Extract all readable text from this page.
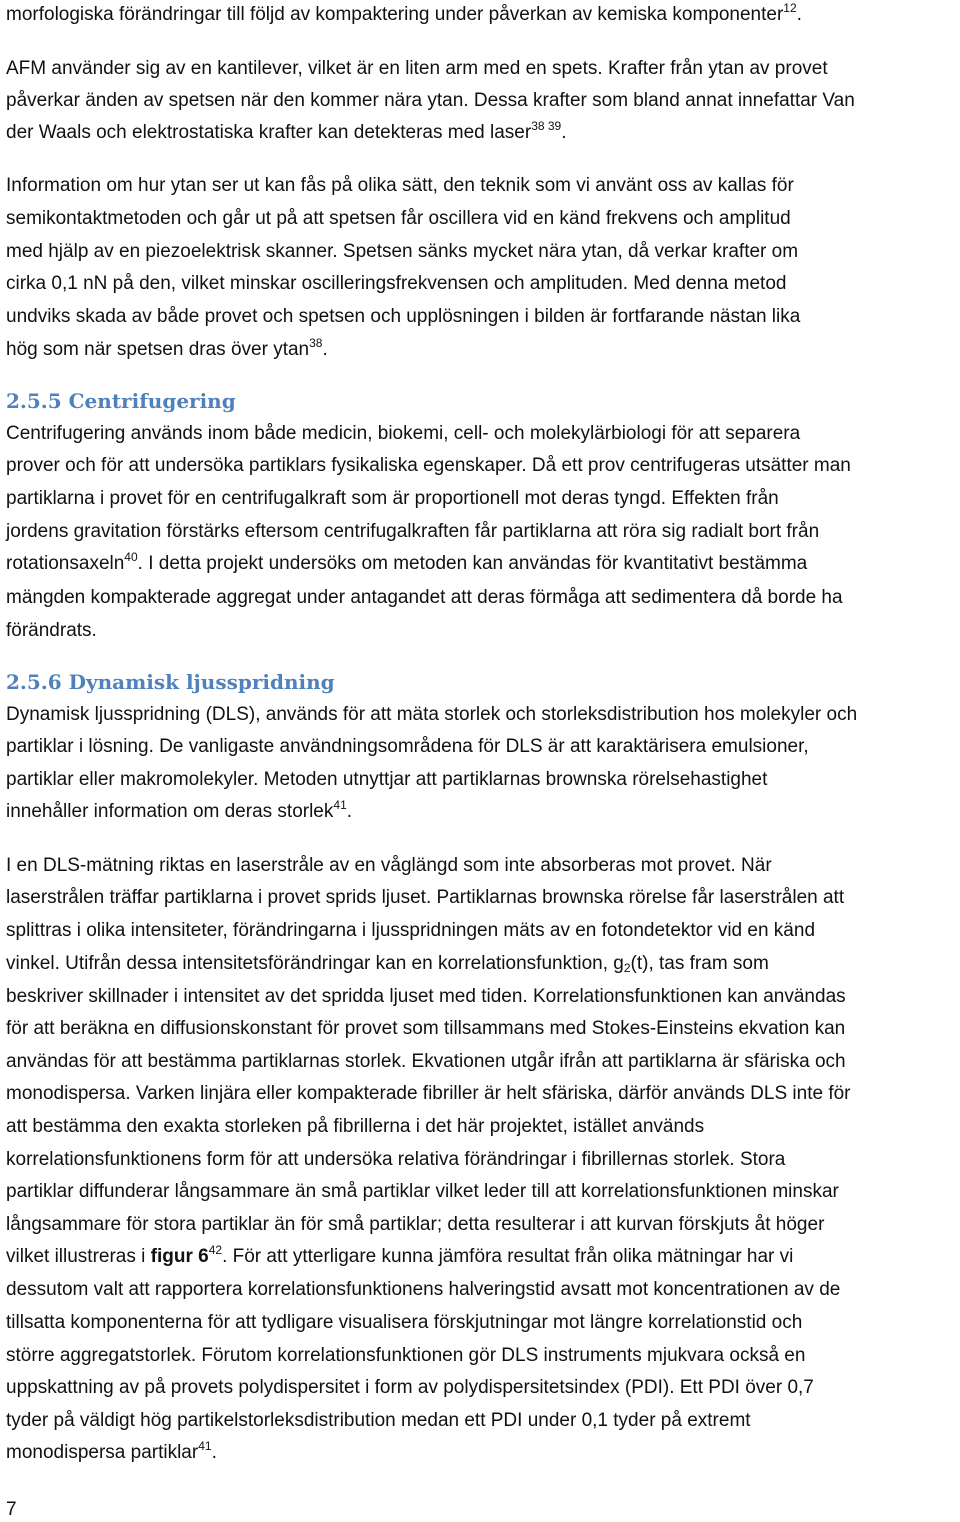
morfologiska förändringar till följd av kompaktering under påverkan av kemiska komponenter$^{12}$.
AFM använder sig av en kantilever, vilket är en liten arm med en spets. Krafter från ytan av provet
påverkar änden av spetsen när den kommer nära ytan. Dessa krafter som bland annat innefattar Van
der Waals och elektrostatiska krafter kan detekteras med laser$^{38 39}$.
Information om hur ytan ser ut kan fås på olika sätt, den teknik som vi använt oss av kallas för
semikontaktmetoden och går ut på att spetsen får oscillera vid en känd frekvens och amplitud
med hjälp av en piezoelektrisk skanner. Spetsen sänks mycket nära ytan, då verkar krafter om
cirka 0,1 nN på den, vilket minskar oscilleringsfrekvensen och amplituden. Med denna metod
undviks skada av både provet och spetsen och upplösningen i bilden är fortfarande nästan lika
hög som när spetsen dras över ytan$^{38}$.
2.5.5 Centrifugering
Centrifugering används inom både medicin, biokemi, cell- och molekylärbiologi för att separera
prover och för att undersöka partiklars fysikaliska egenskaper. Då ett prov centrifugeras utsätter man
partiklarna i provet för en centrifugalkraft som är proportionell mot deras tyngd. Effekten från
jordens gravitation förstärks eftersom centrifugalkraften får partiklarna att röra sig radialt bort från
rotationsaxeln$^{40}$. I detta projekt undersöks om metoden kan användas för kvantitativt bestämma
mängden kompakterade aggregat under antagandet att deras förmåga att sedimentera då borde ha
förändrats.
2.5.6 Dynamisk ljusspridning
Dynamisk ljusspridning (DLS), används för att mäta storlek och storleksdistribution hos molekyler och
partiklar i lösning. De vanligaste användningsområdena för DLS är att karaktärisera emulsioner,
partiklar eller makromolekyler. Metoden utnyttjar att partiklarnas brownska rörelsehastighet
innehåller information om deras storlek$^{41}$.
I en DLS-mätning riktas en laserstråle av en våglängd som inte absorberas mot provet. När
laserstrålen träffar partiklarna i provet sprids ljuset. Partiklarnas brownska rörelse får laserstrålen att
splittras i olika intensiteter, förändringarna i ljusspridningen mäts av en fotondetektor vid en känd
vinkel. Utifrån dessa intensitetsförändringar kan en korrelationsfunktion, $g_2(t)$, tas fram som
beskriver skillnader i intensitet av det spridda ljuset med tiden. Korrelationsfunktionen kan användas
för att beräkna en diffusionskonstant för provet som tillsammans med Stokes-Einsteins ekvation kan
användas för att bestämma partiklarnas storlek. Ekvationen utgår ifrån att partiklarna är sfäriska och
monodispersa. Varken linjära eller kompakterade fibriller är helt sfäriska, därför används DLS inte för
att bestämma den exakta storleken på fibrillerna i det här projektet, istället används
korrelationsfunktionens form för att undersöka relativa förändringar i fibrillernas storlek. Stora
partiklar diffunderar långsammare än små partiklar vilket leder till att korrelationsfunktionen minskar
långsammare för stora partiklar än för små partiklar; detta resulterar i att kurvan förskjuts åt höger
vilket illustreras i figur $6^{42}$. För att ytterligare kunna jämföra resultat från olika mätningar har vi
dessutom valt att rapportera korrelationsfunktionens halveringstid avsatt mot koncentrationen av de
tillsatta komponenterna för att tydligare visualisera förskjutningar mot längre korrelationstid och
större aggregatstorlek. Förutom korrelationsfunktionen gör DLS instruments mjukvara också en
uppskattning av på provets polydispersitet i form av polydispersitetsindex (PDI). Ett PDI över 0,7
tyder på väldigt hög partikelstorleksdistribution medan ett PDI under 0,1 tyder på extremt
monodispersa partiklar$^{41}$.
7
